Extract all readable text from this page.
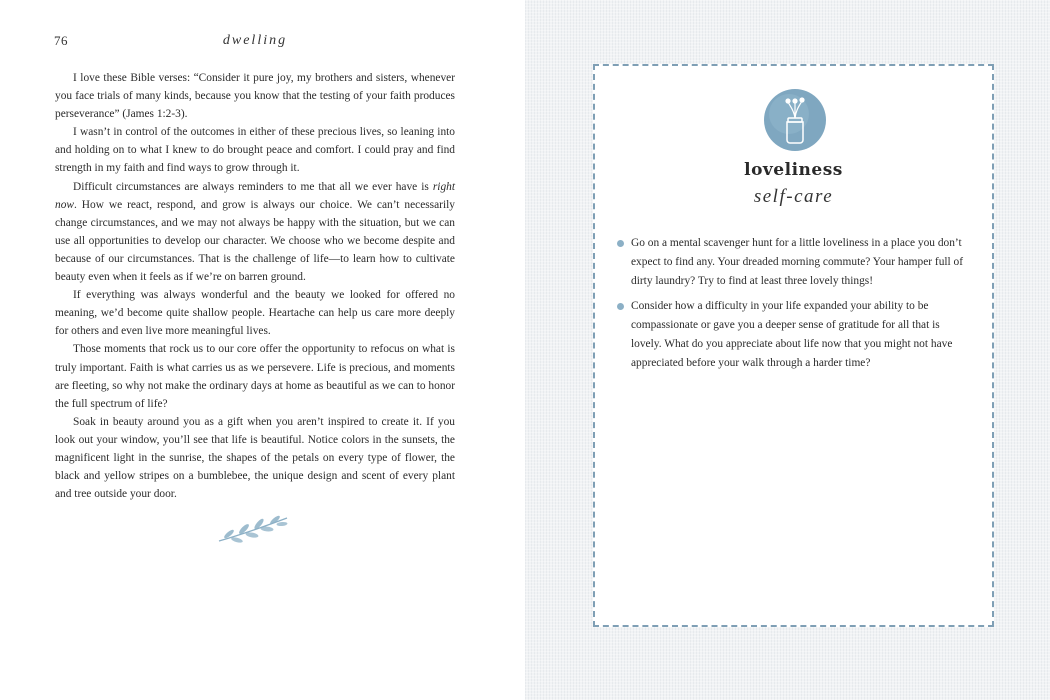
76	dwelling

I love these Bible verses: “Consider it pure joy, my brothers and sisters, whenever you face trials of many kinds, because you know that the testing of your faith produces perseverance” (James 1:2-3).

I wasn’t in control of the outcomes in either of these precious lives, so leaning into and holding on to what I knew to do brought peace and comfort. I could pray and find strength in my faith and find ways to grow through it.

Difficult circumstances are always reminders to me that all we ever have is right now. How we react, respond, and grow is always our choice. We can’t necessarily change circumstances, and we may not always be happy with the situation, but we can use all opportunities to develop our character. We choose who we become despite and because of our circumstances. That is the challenge of life—to learn how to cultivate beauty even when it feels as if we’re on barren ground.

If everything was always wonderful and the beauty we looked for offered no meaning, we’d become quite shallow people. Heartache can help us care more deeply for others and even live more meaningful lives.

Those moments that rock us to our core offer the opportunity to refocus on what is truly important. Faith is what carries us as we persevere. Life is precious, and moments are fleeting, so why not make the ordinary days at home as beautiful as we can to honor the full spectrum of life?

Soak in beauty around you as a gift when you aren’t inspired to create it. If you look out your window, you’ll see that life is beautiful. Notice colors in the sunsets, the magnificent light in the sunrise, the shapes of the petals on every type of flower, the black and yellow stripes on a bumblebee, the unique design and scent of every plant and tree outside your door.

loveliness
self-care
Go on a mental scavenger hunt for a little loveliness in a place you don’t expect to find any. Your dreaded morning commute? Your hamper full of dirty laundry? Try to find at least three lovely things!
Consider how a difficulty in your life expanded your ability to be compassionate or gave you a deeper sense of gratitude for all that is lovely. What do you appreciate about life now that you might not have appreciated before your walk through a harder time?
